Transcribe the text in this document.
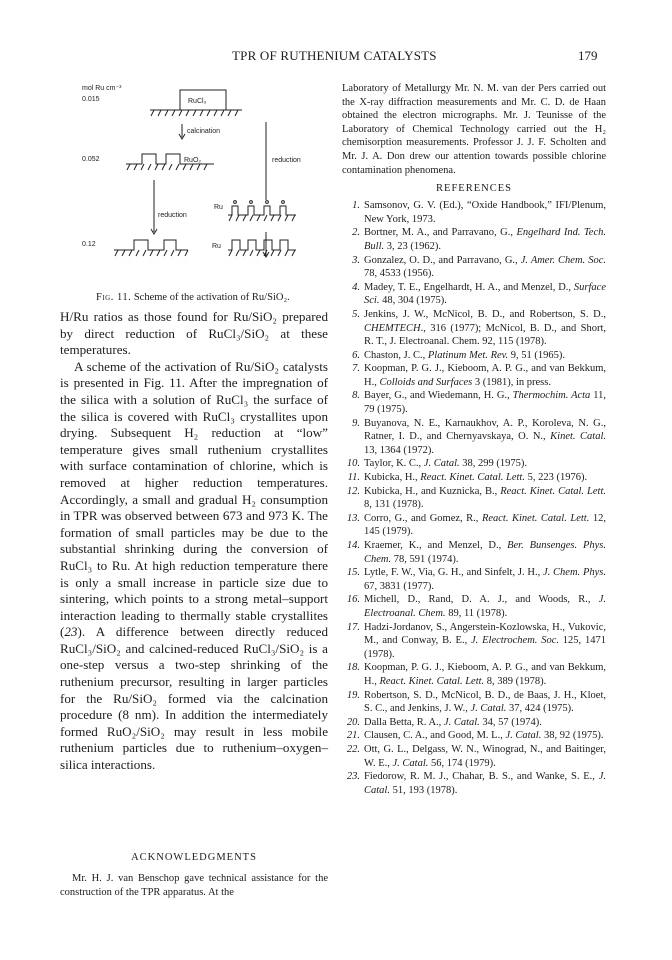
TPR OF RUTHENIUM CATALYSTS	179
mol Ru cm⁻³
0.015
0.052
0.12
RuCl₃
calcination
RuO₂	reduction
reduction
Ru
Ru
Fig. 11. Scheme of the activation of Ru/SiO₂.

H/Ru ratios as those found for Ru/SiO₂ prepared by direct reduction of RuCl₃/SiO₂ at these temperatures.

A scheme of the activation of Ru/SiO₂ catalysts is presented in Fig. 11. After the impregnation of the silica with a solution of RuCl₃ the surface of the silica is covered with RuCl₃ crystallites upon drying. Subsequent H₂ reduction at “low” temperature gives small ruthenium crystallites with surface contamination of chlorine, which is removed at higher reduction temperatures. Accordingly, a small and gradual H₂ consumption in TPR was observed between 673 and 973 K. The formation of small particles may be due to the substantial shrinking during the conversion of RuCl₃ to Ru. At high reduction temperature there is only a small increase in particle size due to sintering, which points to a strong metal–support interaction leading to thermally stable crystallites (23). A difference between directly reduced RuCl₃/SiO₂ and calcined-reduced RuCl₃/SiO₂ is a one-step versus a two-step shrinking of the ruthenium precursor, resulting in larger particles for the Ru/SiO₂ formed via the calcination procedure (8 nm). In addition the intermediately formed RuO₂/SiO₂ may result in less mobile ruthenium particles due to ruthenium–oxygen–silica interactions.

ACKNOWLEDGMENTS

Mr. H. J. van Benschop gave technical assistance for the construction of the TPR apparatus. At the

Laboratory of Metallurgy Mr. N. M. van der Pers carried out the X-ray diffraction measurements and Mr. C. D. de Haan obtained the electron micrographs. Mr. J. Teunisse of the Laboratory of Chemical Technology carried out the H₂ chemisorption measurements. Professor J. J. F. Scholten and Mr. J. A. Don drew our attention towards possible chlorine contamination phenomena.

REFERENCES
1. Samsonov, G. V. (Ed.), “Oxide Handbook,” IFI/Plenum, New York, 1973.
2. Bortner, M. A., and Parravano, G., Engelhard Ind. Tech. Bull. 3, 23 (1962).
3. Gonzalez, O. D., and Parravano, G., J. Amer. Chem. Soc. 78, 4533 (1956).
4. Madey, T. E., Engelhardt, H. A., and Menzel, D., Surface Sci. 48, 304 (1975).
5. Jenkins, J. W., McNicol, B. D., and Robertson, S. D., CHEMTECH., 316 (1977); McNicol, B. D., and Short, R. T., J. Electroanal. Chem. 92, 115 (1978).
6. Chaston, J. C., Platinum Met. Rev. 9, 51 (1965).
7. Koopman, P. G. J., Kieboom, A. P. G., and van Bekkum, H., Colloids and Surfaces 3 (1981), in press.
8. Bayer, G., and Wiedemann, H. G., Thermochim. Acta 11, 79 (1975).
9. Buyanova, N. E., Karnaukhov, A. P., Koroleva, N. G., Ratner, I. D., and Chernyavskaya, O. N., Kinet. Catal. 13, 1364 (1972).
10. Taylor, K. C., J. Catal. 38, 299 (1975).
11. Kubicka, H., React. Kinet. Catal. Lett. 5, 223 (1976).
12. Kubicka, H., and Kuznicka, B., React. Kinet. Catal. Lett. 8, 131 (1978).
13. Corro, G., and Gomez, R., React. Kinet. Catal. Lett. 12, 145 (1979).
14. Kraemer, K., and Menzel, D., Ber. Bunsenges. Phys. Chem. 78, 591 (1974).
15. Lytle, F. W., Via, G. H., and Sinfelt, J. H., J. Chem. Phys. 67, 3831 (1977).
16. Michell, D., Rand, D. A. J., and Woods, R., J. Electroanal. Chem. 89, 11 (1978).
17. Hadzi-Jordanov, S., Angerstein-Kozlowska, H., Vukovic, M., and Conway, B. E., J. Electrochem. Soc. 125, 1471 (1978).
18. Koopman, P. G. J., Kieboom, A. P. G., and van Bekkum, H., React. Kinet. Catal. Lett. 8, 389 (1978).
19. Robertson, S. D., McNicol, B. D., de Baas, J. H., Kloet, S. C., and Jenkins, J. W., J. Catal. 37, 424 (1975).
20. Dalla Betta, R. A., J. Catal. 34, 57 (1974).
21. Clausen, C. A., and Good, M. L., J. Catal. 38, 92 (1975).
22. Ott, G. L., Delgass, W. N., Winograd, N., and Baitinger, W. E., J. Catal. 56, 174 (1979).
23. Fiedorow, R. M. J., Chahar, B. S., and Wanke, S. E., J. Catal. 51, 193 (1978).
